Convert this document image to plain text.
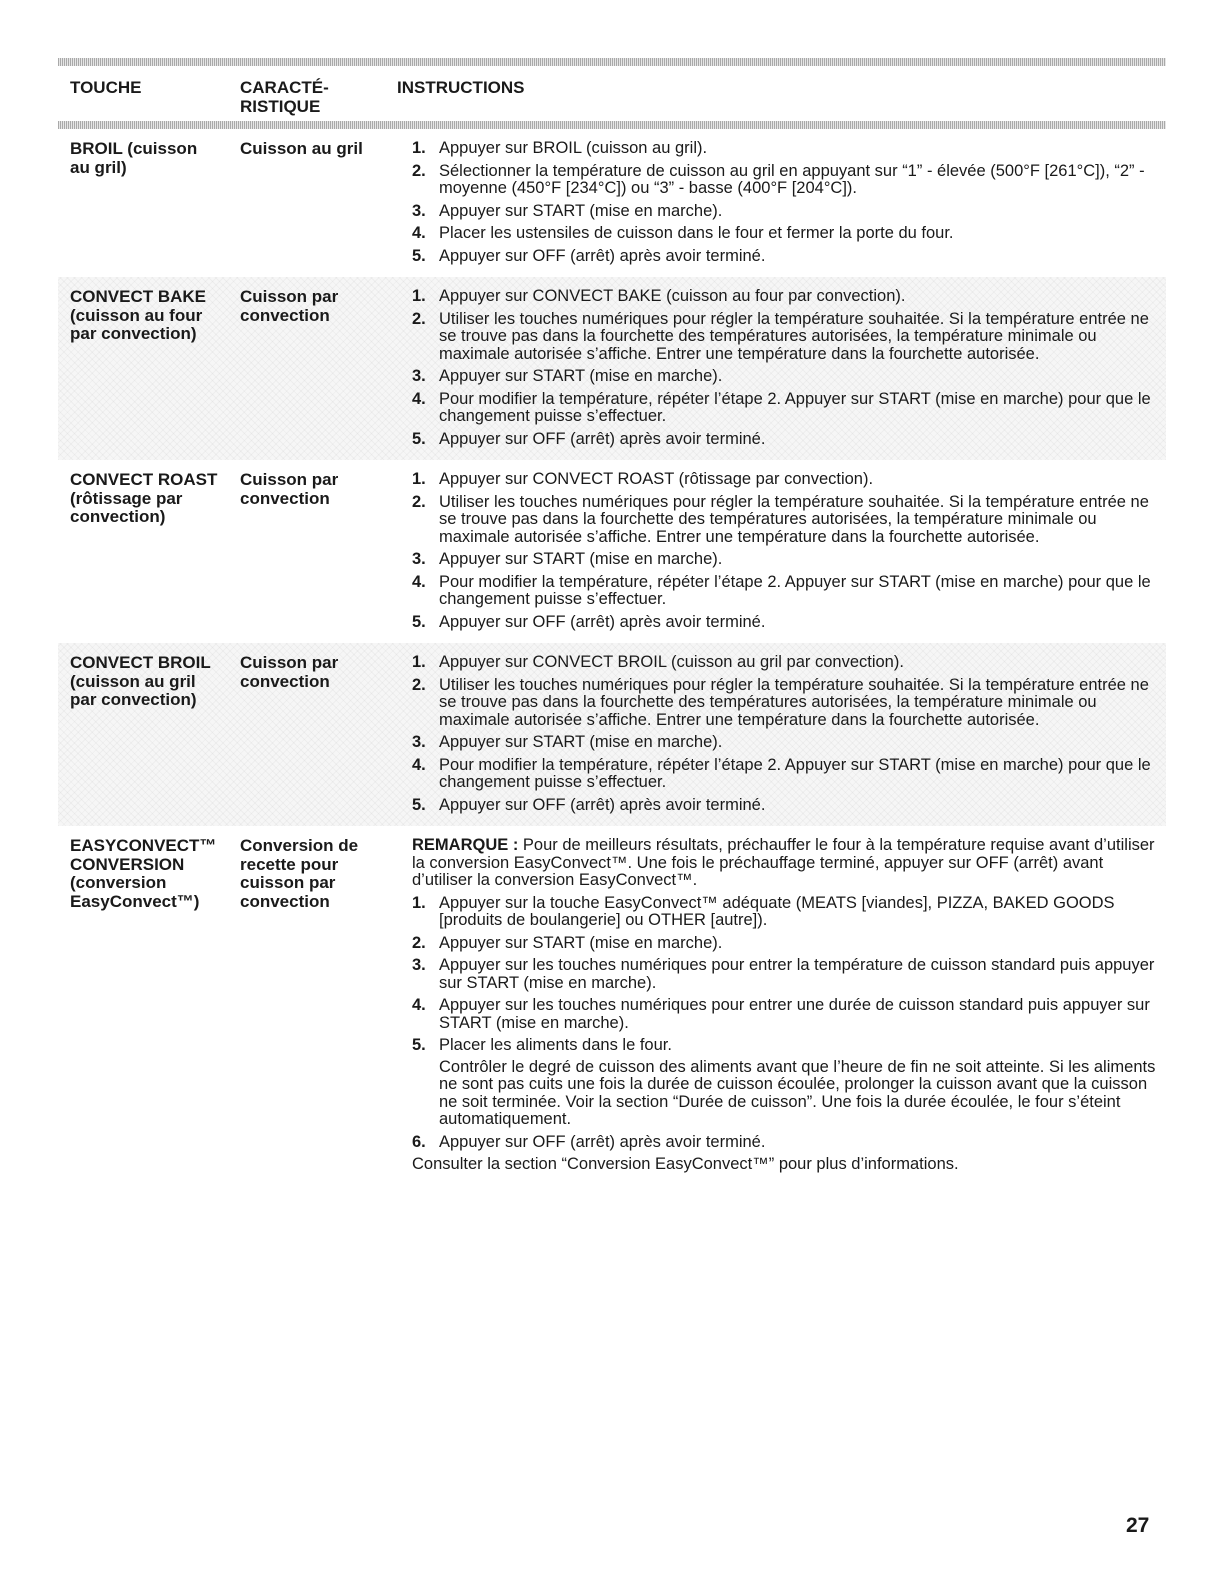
TOUCHE	CARACTÉ-
RISTIQUE
INSTRUCTIONS
BROIL (cuisson
au gril)
Cuisson au gril	1. Appuyer sur BROIL (cuisson au gril).
2. Sélectionner la température de cuisson au gril en appuyant sur “1” - élevée (500°F [261°C]), “2” - moyenne (450°F [234°C]) ou “3” - basse (400°F [204°C]).
3. Appuyer sur START (mise en marche).
4. Placer les ustensiles de cuisson dans le four et fermer la porte du four.
5. Appuyer sur OFF (arrêt) après avoir terminé.
CONVECT BAKE
(cuisson au four
par convection)
Cuisson par
convection
1. Appuyer sur CONVECT BAKE (cuisson au four par convection).
2. Utiliser les touches numériques pour régler la température souhaitée. Si la température entrée ne se trouve pas dans la fourchette des températures autorisées, la température minimale ou maximale autorisée s’affiche. Entrer une température dans la fourchette autorisée.
3. Appuyer sur START (mise en marche).
4. Pour modifier la température, répéter l’étape 2. Appuyer sur START (mise en marche) pour que le changement puisse s’effectuer.
5. Appuyer sur OFF (arrêt) après avoir terminé.
CONVECT ROAST
(rôtissage par
convection)
Cuisson par
convection
1. Appuyer sur CONVECT ROAST (rôtissage par convection).
2. Utiliser les touches numériques pour régler la température souhaitée. Si la température entrée ne se trouve pas dans la fourchette des températures autorisées, la température minimale ou maximale autorisée s’affiche. Entrer une température dans la fourchette autorisée.
3. Appuyer sur START (mise en marche).
4. Pour modifier la température, répéter l’étape 2. Appuyer sur START (mise en marche) pour que le changement puisse s’effectuer.
5. Appuyer sur OFF (arrêt) après avoir terminé.
CONVECT BROIL
(cuisson au gril
par convection)
Cuisson par
convection
1. Appuyer sur CONVECT BROIL (cuisson au gril par convection).
2. Utiliser les touches numériques pour régler la température souhaitée. Si la température entrée ne se trouve pas dans la fourchette des températures autorisées, la température minimale ou maximale autorisée s’affiche. Entrer une température dans la fourchette autorisée.
3. Appuyer sur START (mise en marche).
4. Pour modifier la température, répéter l’étape 2. Appuyer sur START (mise en marche) pour que le changement puisse s’effectuer.
5. Appuyer sur OFF (arrêt) après avoir terminé.
EASYCONVECT™
CONVERSION
(conversion
EasyConvect™)
Conversion de
recette pour
cuisson par
convection
REMARQUE : Pour de meilleurs résultats, préchauffer le four à la température requise avant d’utiliser la conversion EasyConvect™. Une fois le préchauffage terminé, appuyer sur OFF (arrêt) avant d’utiliser la conversion EasyConvect™.
1. Appuyer sur la touche EasyConvect™ adéquate (MEATS [viandes], PIZZA, BAKED GOODS [produits de boulangerie] ou OTHER [autre]).
2. Appuyer sur START (mise en marche).
3. Appuyer sur les touches numériques pour entrer la température de cuisson standard puis appuyer sur START (mise en marche).
4. Appuyer sur les touches numériques pour entrer une durée de cuisson standard puis appuyer sur START (mise en marche).
5. Placer les aliments dans le four.
Contrôler le degré de cuisson des aliments avant que l’heure de fin ne soit atteinte. Si les aliments ne sont pas cuits une fois la durée de cuisson écoulée, prolonger la cuisson avant que la cuisson ne soit terminée. Voir la section “Durée de cuisson”. Une fois la durée écoulée, le four s’éteint automatiquement.
6. Appuyer sur OFF (arrêt) après avoir terminé.
Consulter la section “Conversion EasyConvect™” pour plus d’informations.
27
